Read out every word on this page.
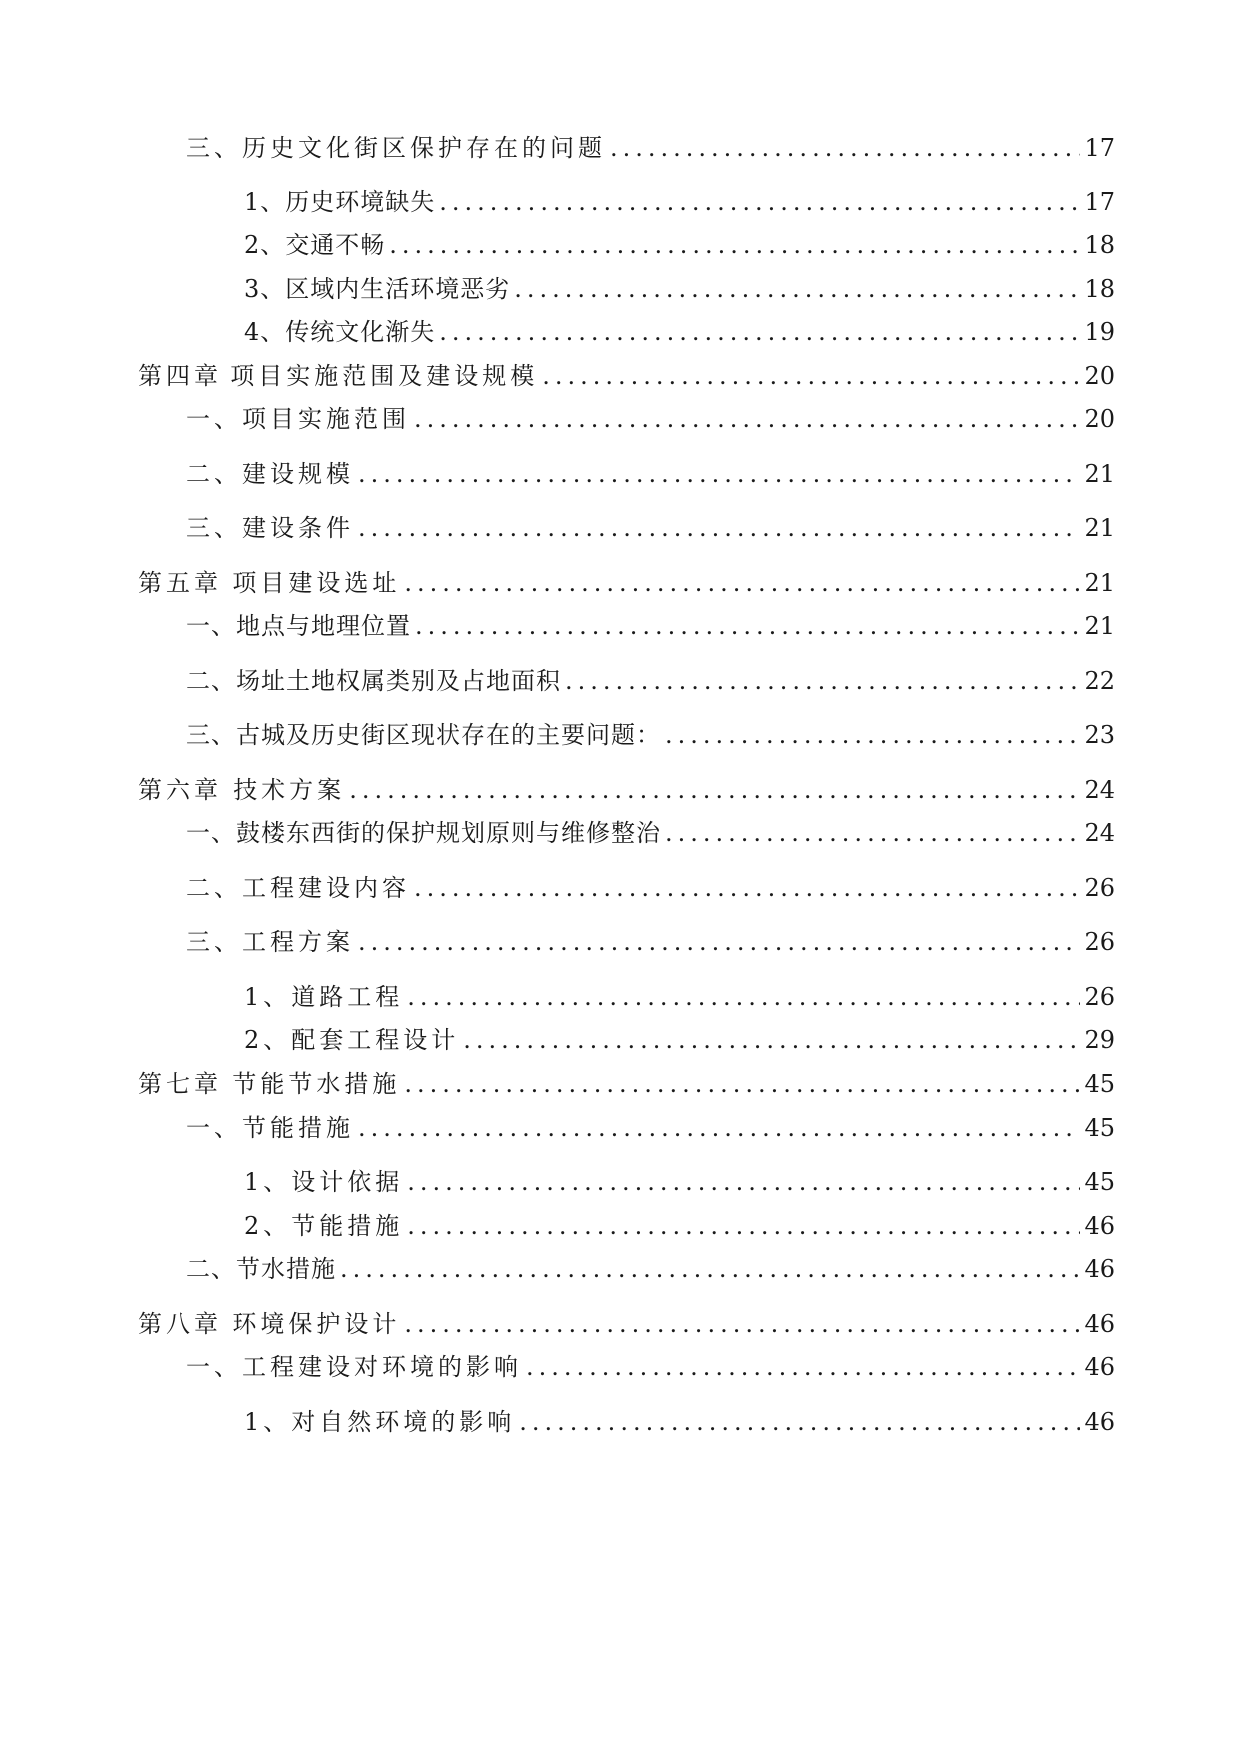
三、历史文化街区保护存在的问题 .....	17
1、历史环境缺失 .....	17
2、交通不畅 .....	18
3、区域内生活环境恶劣 .....	18
4、传统文化渐失 .....	19
第四章 项目实施范围及建设规模 .....	20
一、项目实施范围 .....	20
二、建设规模 .....	21
三、建设条件 .....	21
第五章 项目建设选址 .....	21
一、地点与地理位置 .....	21
二、场址土地权属类别及占地面积 .....	22
三、古城及历史街区现状存在的主要问题： .....	23
第六章 技术方案 .....	24
一、鼓楼东西街的保护规划原则与维修整治 .....	24
二、工程建设内容 .....	26
三、工程方案 .....	26
1、道路工程 .....	26
2、配套工程设计 .....	29
第七章 节能节水措施 .....	45
一、节能措施 .....	45
1、设计依据 .....	45
2、节能措施 .....	46
二、节水措施 .....	46
第八章 环境保护设计 .....	46
一、工程建设对环境的影响 .....	46
1、对自然环境的影响 .....	46
